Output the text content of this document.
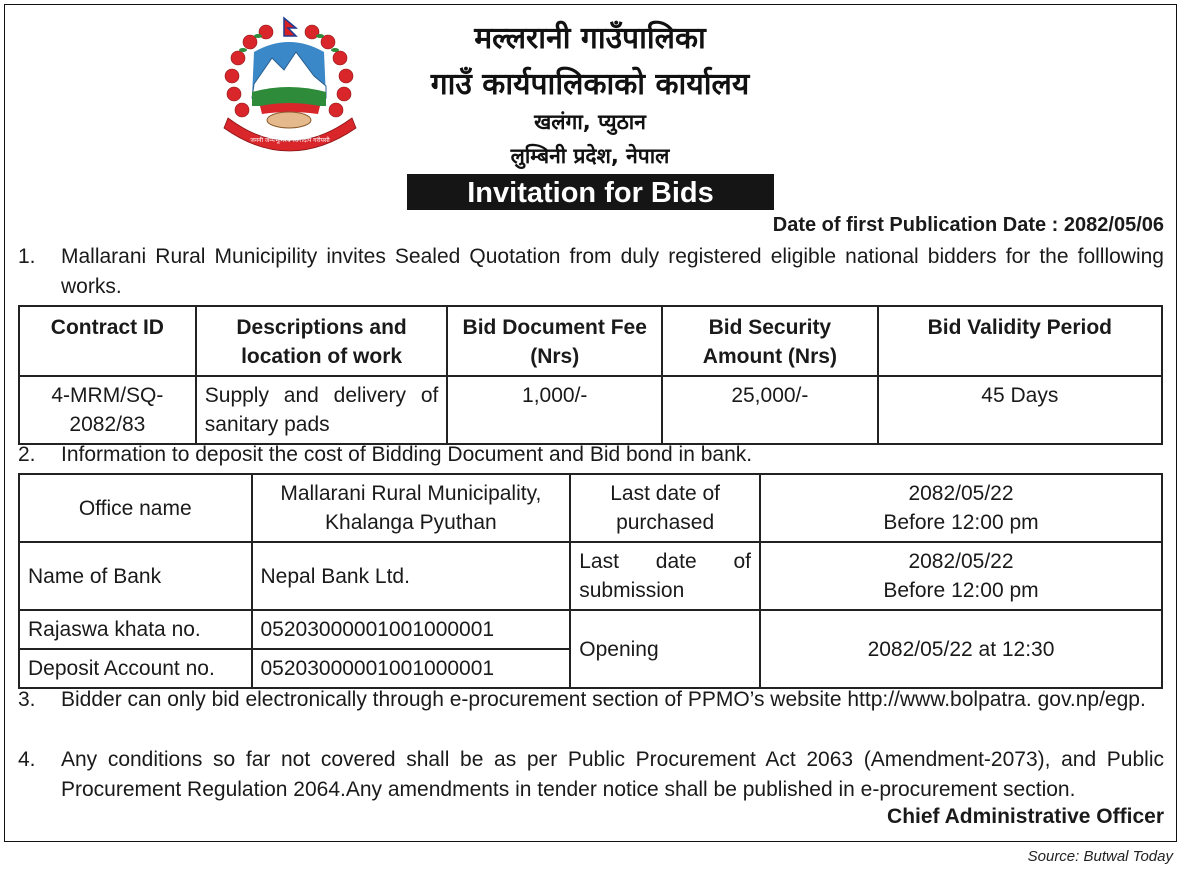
जननी जन्मभूमिश्च स्वर्गादपि गरीयसी
मल्लरानी गाउँपालिका
गाउँ कार्यपालिकाको कार्यालय
खलंगा, प्युठान
लुम्बिनी प्रदेश, नेपाल
Invitation for Bids
Date of first Publication Date : 2082/05/06
1. Mallarani Rural Municipility invites Sealed Quotation from duly registered eligible national bidders for the folllowing works.
Contract ID	Descriptions and location of work	Bid Document Fee (Nrs)	Bid Security Amount (Nrs)	Bid Validity Period
4-MRM/SQ-2082/83	Supply and delivery of sanitary pads	1,000/-	25,000/-	45 Days
2. Information to deposit the cost of Bidding Document and Bid bond in bank.
Office name	Mallarani Rural Municipality, Khalanga Pyuthan	Last date of purchased	2082/05/22
Before 12:00 pm

Name of Bank	Nepal Bank Ltd.	Last date of submission	2082/05/22
Before 12:00 pm

Rajaswa khata no.	05203000001001000001	Opening	2082/05/22 at 12:30
Deposit Account no.	05203000001001000001		
3. Bidder can only bid electronically through e-procurement section of PPMO’s website http://www.bolpatra. gov.np/egp.
4. Any conditions so far not covered shall be as per Public Procurement Act 2063 (Amendment-2073), and Public Procurement Regulation 2064.Any amendments in tender notice shall be published in e-procurement section.
Chief Administrative Officer
Source: Butwal Today
